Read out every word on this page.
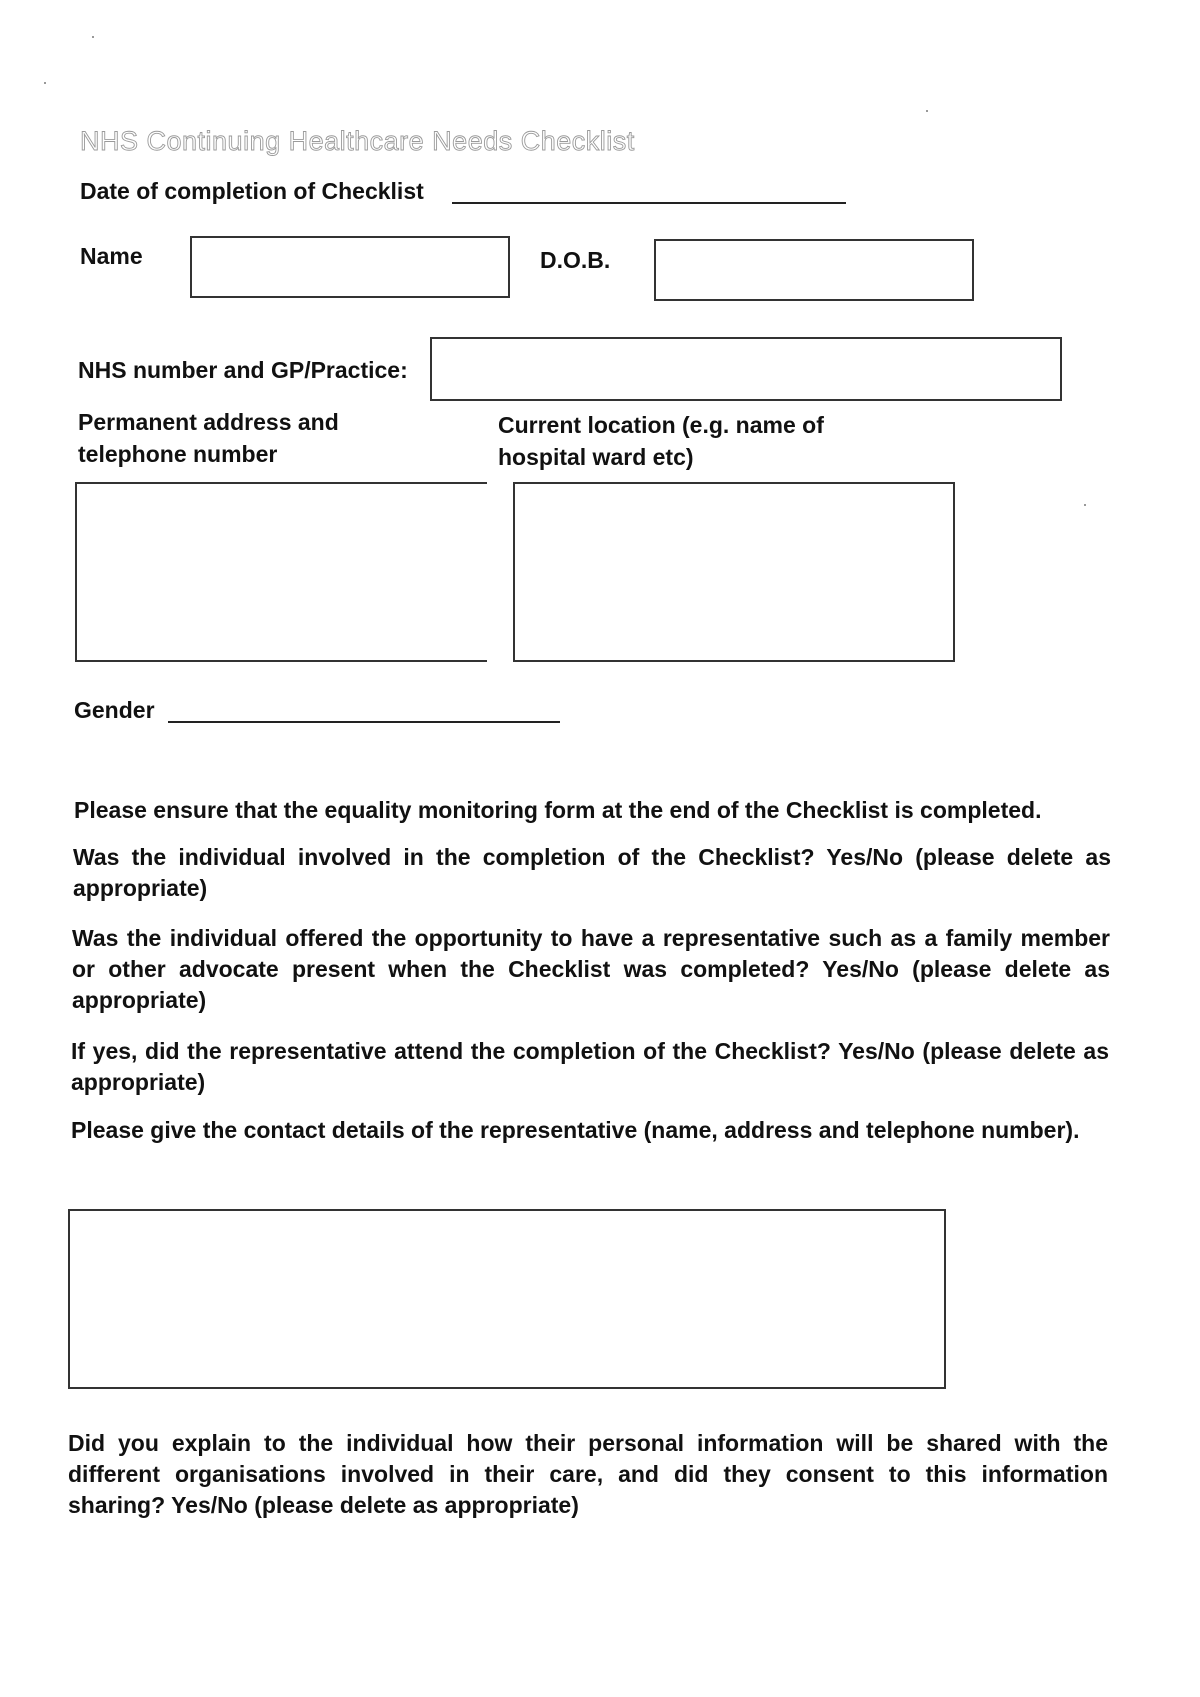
NHS Continuing Healthcare Needs Checklist
Date of completion of Checklist
Name	D.O.B.
NHS number and GP/Practice:
Permanent address and
telephone number
Current location (e.g. name of
hospital ward etc)
Gender
Please ensure that the equality monitoring form at the end of the Checklist is completed.
Was the individual involved in the completion of the Checklist? Yes/No (please delete as appropriate)
Was the individual offered the opportunity to have a representative such as a family member or other advocate present when the Checklist was completed? Yes/No (please delete as appropriate)
If yes, did the representative attend the completion of the Checklist? Yes/No (please delete as appropriate)
Please give the contact details of the representative (name, address and telephone number).
Did you explain to the individual how their personal information will be shared with the different organisations involved in their care, and did they consent to this information sharing? Yes/No (please delete as appropriate)
